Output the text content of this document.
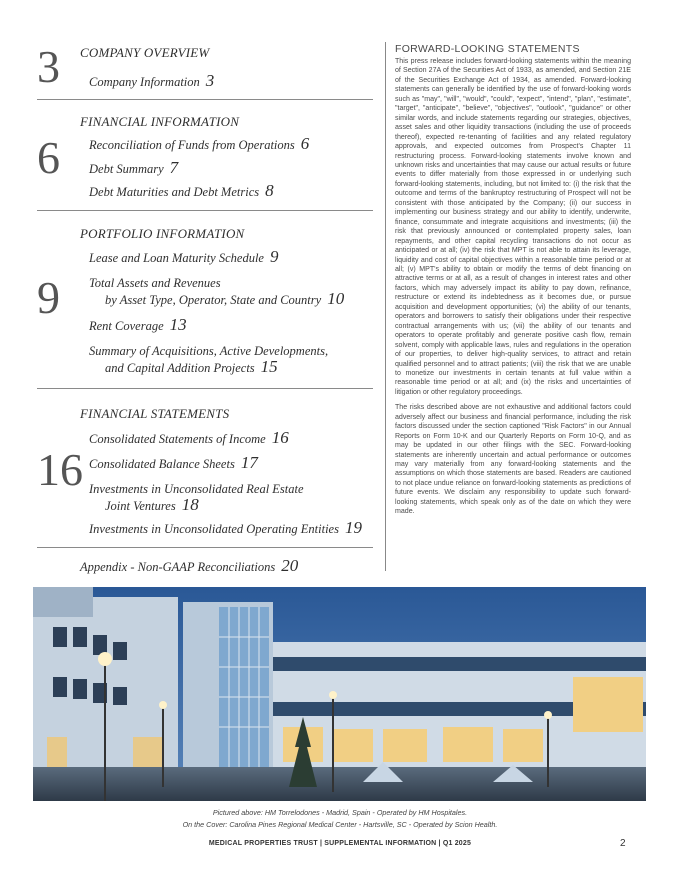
3	COMPANY OVERVIEW
Company Information 3
6
FINANCIAL INFORMATION
Reconciliation of Funds from Operations 6
Debt Summary 7
Debt Maturities and Debt Metrics 8
9
PORTFOLIO INFORMATION
Lease and Loan Maturity Schedule 9
Total Assets and Revenues
by Asset Type, Operator, State and Country 10
Rent Coverage 13
Summary of Acquisitions, Active Developments,
and Capital Addition Projects 15
16
FINANCIAL STATEMENTS
Consolidated Statements of Income 16
Consolidated Balance Sheets 17
Investments in Unconsolidated Real Estate
Joint Ventures 18
Investments in Unconsolidated Operating Entities 19
Appendix - Non-GAAP Reconciliations 20
FORWARD-LOOKING STATEMENTS

This press release includes forward-looking statements within the meaning of Section 27A of the Securities Act of 1933, as amended, and Section 21E of the Securities Exchange Act of 1934, as amended. Forward-looking statements can generally be identified by the use of forward-looking words such as "may", "will", "would", "could", "expect", "intend", "plan", "estimate", "target", "anticipate", "believe", "objectives", "outlook", "guidance" or other similar words, and include statements regarding our strategies, objectives, asset sales and other liquidity transactions (including the use of proceeds thereof), expected re-tenanting of facilities and any related regulatory approvals, and expected outcomes from Prospect's Chapter 11 restructuring process. Forward-looking statements involve known and unknown risks and uncertainties that may cause our actual results or future events to differ materially from those expressed in or underlying such forward-looking statements, including, but not limited to: (i) the risk that the outcome and terms of the bankruptcy restructuring of Prospect will not be consistent with those anticipated by the Company; (ii) our success in implementing our business strategy and our ability to identify, underwrite, finance, consummate and integrate acquisitions and investments; (iii) the risk that previously announced or contemplated property sales, loan repayments, and other capital recycling transactions do not occur as anticipated or at all; (iv) the risk that MPT is not able to attain its leverage, liquidity and cost of capital objectives within a reasonable time period or at all; (v) MPT's ability to obtain or modify the terms of debt financing on attractive terms or at all, as a result of changes in interest rates and other factors, which may adversely impact its ability to pay down, refinance, restructure or extend its indebtedness as it becomes due, or pursue acquisition and development opportunities; (vi) the ability of our tenants, operators and borrowers to satisfy their obligations under their respective contractual arrangements with us; (vii) the ability of our tenants and operators to operate profitably and generate positive cash flow, remain solvent, comply with applicable laws, rules and regulations in the operation of our properties, to deliver high-quality services, to attract and retain qualified personnel and to attract patients; (viii) the risk that we are unable to monetize our investments in certain tenants at full value within a reasonable time period or at all; and (ix) the risks and uncertainties of litigation or other regulatory proceedings.

The risks described above are not exhaustive and additional factors could adversely affect our business and financial performance, including the risk factors discussed under the section captioned "Risk Factors" in our Annual Reports on Form 10-K and our Quarterly Reports on Form 10-Q, and as may be updated in our other filings with the SEC. Forward-looking statements are inherently uncertain and actual performance or outcomes may vary materially from any forward-looking statements and the assumptions on which those statements are based. Readers are cautioned to not place undue reliance on forward-looking statements as predictions of future events. We disclaim any responsibility to update such forward-looking statements, which speak only as of the date on which they were made.

Pictured above: HM Torrelodones - Madrid, Spain - Operated by HM Hospitales.
On the Cover: Carolina Pines Regional Medical Center - Hartsville, SC - Operated by Scion Health.
MEDICAL PROPERTIES TRUST | SUPPLEMENTAL INFORMATION | Q1 2025	2
